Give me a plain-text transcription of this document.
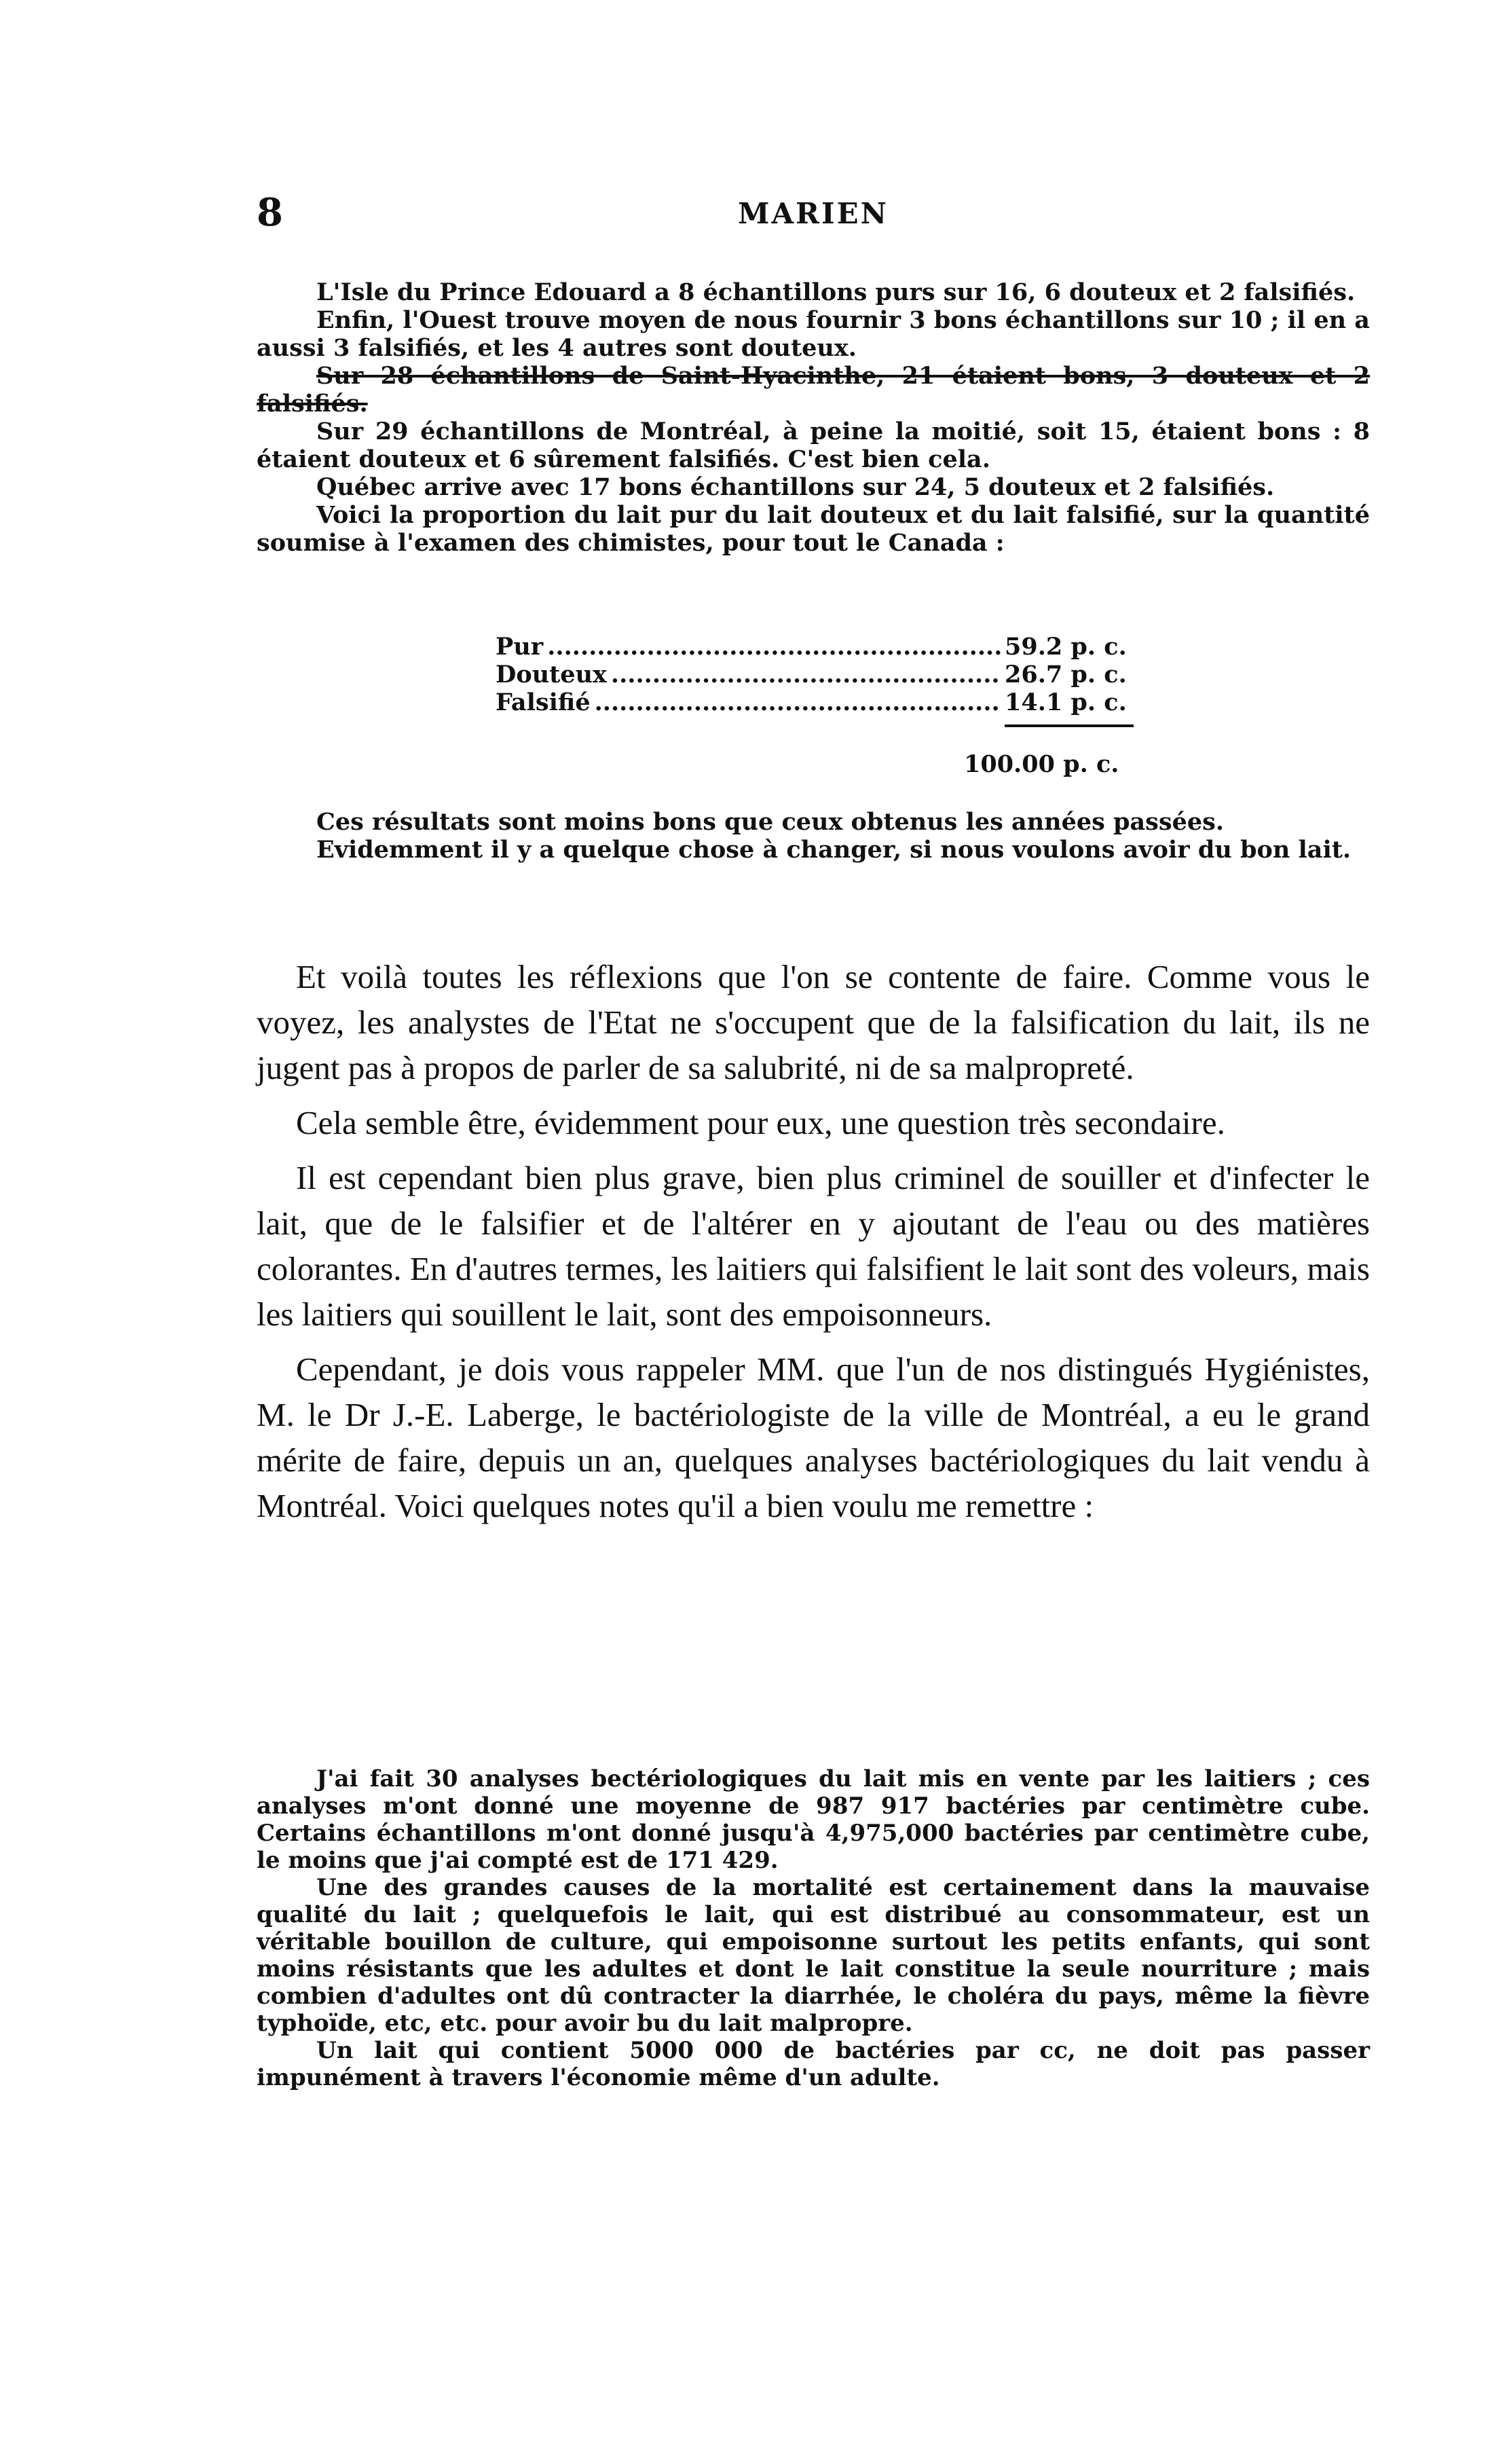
8	MARIEN

L'Isle du Prince Edouard a 8 échantillons purs sur 16, 6 douteux et 2 falsifiés.

Enfin, l'Ouest trouve moyen de nous fournir 3 bons échantillons sur 10 ; il en a aussi 3 falsifiés, et les 4 autres sont douteux.

Sur 28 échantillons de Saint-Hyacinthe, 21 étaient bons, 3 douteux et 2 falsifiés.

Sur 29 échantillons de Montréal, à peine la moitié, soit 15, étaient bons : 8 étaient douteux et 6 sûrement falsifiés. C'est bien cela.

Québec arrive avec 17 bons échantillons sur 24, 5 douteux et 2 falsifiés.

Voici la proportion du lait pur du lait douteux et du lait falsifié, sur la quantité soumise à l'examen des chimistes, pour tout le Canada :

Pur .....	59.2 p. c.
Douteux .....	26.7 p. c.
Falsifié .....	14.1 p. c.
100.00 p. c.

Ces résultats sont moins bons que ceux obtenus les années passées.

Evidemment il y a quelque chose à changer, si nous voulons avoir du bon lait.

Et voilà toutes les réflexions que l'on se contente de faire. Comme vous le voyez, les analystes de l'Etat ne s'occupent que de la falsification du lait, ils ne jugent pas à propos de parler de sa salubrité, ni de sa malpropreté.

Cela semble être, évidemment pour eux, une question très secondaire.

Il est cependant bien plus grave, bien plus criminel de souiller et d'infecter le lait, que de le falsifier et de l'altérer en y ajoutant de l'eau ou des matières colorantes. En d'autres termes, les laitiers qui falsifient le lait sont des voleurs, mais les laitiers qui souillent le lait, sont des empoisonneurs.

Cependant, je dois vous rappeler MM. que l'un de nos distingués Hygiénistes, M. le Dr J.-E. Laberge, le bactériologiste de la ville de Montréal, a eu le grand mérite de faire, depuis un an, quelques analyses bactériologiques du lait vendu à Montréal. Voici quelques notes qu'il a bien voulu me remettre :

J'ai fait 30 analyses bectériologiques du lait mis en vente par les laitiers ; ces analyses m'ont donné une moyenne de 987 917 bactéries par centimètre cube. Certains échantillons m'ont donné jusqu'à 4,975,000 bactéries par centimètre cube, le moins que j'ai compté est de 171 429.

Une des grandes causes de la mortalité est certainement dans la mauvaise qualité du lait ; quelquefois le lait, qui est distribué au consommateur, est un véritable bouillon de culture, qui empoisonne surtout les petits enfants, qui sont moins résistants que les adultes et dont le lait constitue la seule nourriture ; mais combien d'adultes ont dû contracter la diarrhée, le choléra du pays, même la fièvre typhoïde, etc, etc. pour avoir bu du lait malpropre.

Un lait qui contient 5000 000 de bactéries par cc, ne doit pas passer impunément à travers l'économie même d'un adulte.
